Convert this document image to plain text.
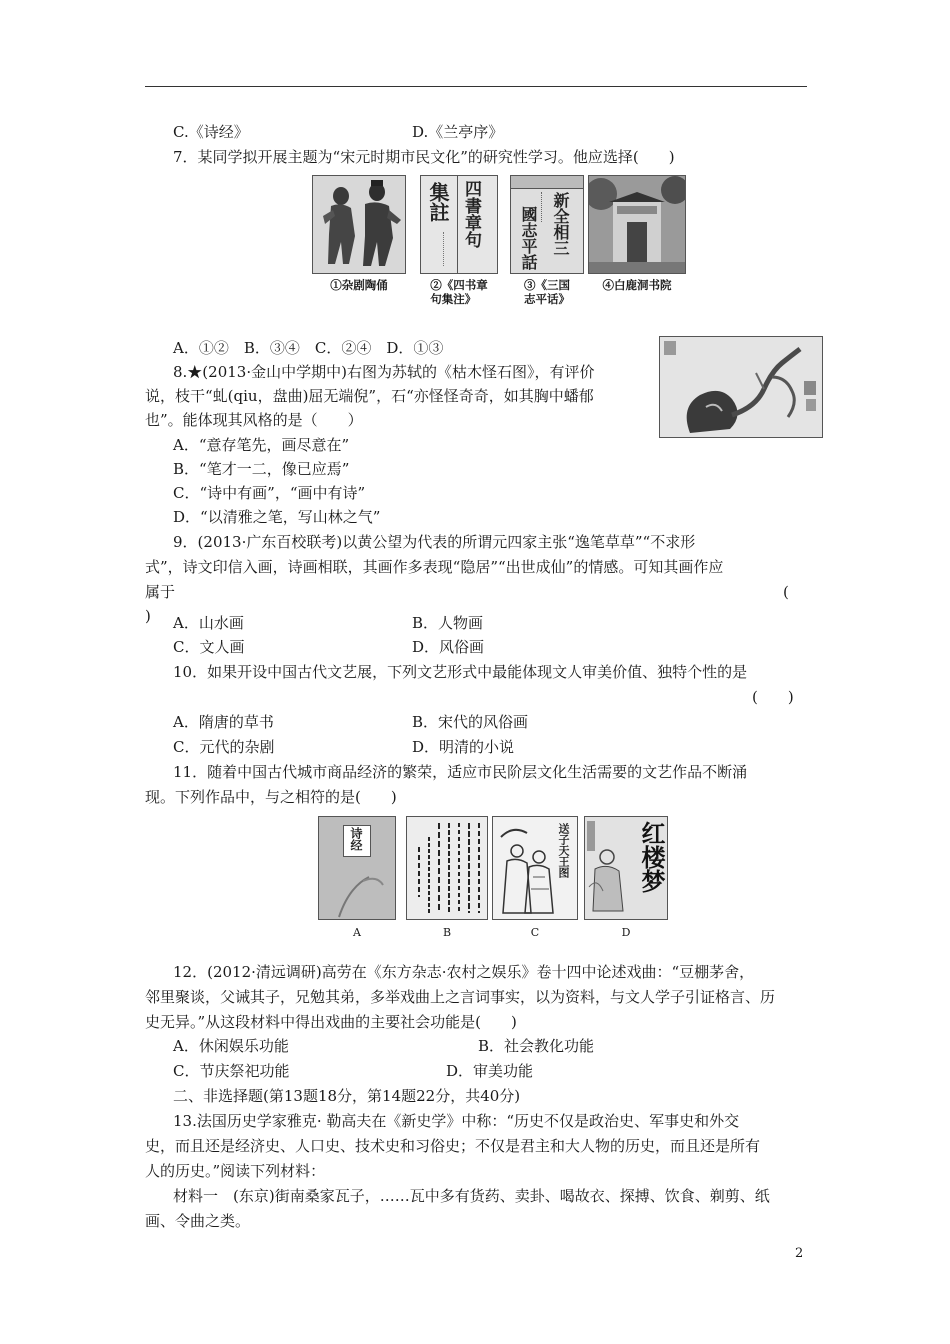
C.《诗经》	D.《兰亭序》
7．某同学拟开展主题为“宋元时期市民文化”的研究性学习。他应选择(　　)
①杂剧陶俑
四書章句
集註
②《四书章
句集注》
新全相三
國志平話
③《三国
志平话》
④白鹿洞书院
A．①②　B．③④　C．②④　D．①③
8.★(2013·金山中学期中)右图为苏轼的《枯木怪石图》，有评价
说，枝干“虬(qiu，盘曲)屈无端倪”，石“亦怪怪奇奇，如其胸中蟠郁
也”。能体现其风格的是（　　）
A．“意存笔先，画尽意在”
B．“笔才一二，像已应焉”
C．“诗中有画”，“画中有诗”
D．“以清雅之笔，写山林之气”
9．(2013·广东百校联考)以黄公望为代表的所谓元四家主张“逸笔草草”“不求形
式”，诗文印信入画，诗画相联，其画作多表现“隐居”“出世成仙”的情感。可知其画作应
属于	(
) A．山水画	B．人物画
C．文人画	D．风俗画
10．如果开设中国古代文艺展，下列文艺形式中最能体现文人审美价值、独特个性的是
(　　)
A．隋唐的草书	B．宋代的风俗画
C．元代的杂剧	D．明清的小说
11．随着中国古代城市商品经济的繁荣，适应市民阶层文化生活需要的文艺作品不断涌
现。下列作品中，与之相符的是(　　)
诗经
A	B
送子天王图
C
红楼梦
D
12．(2012·清远调研)高劳在《东方杂志·农村之娱乐》卷十四中论述戏曲：“豆棚茅舍，
邻里聚谈，父诫其子，兄勉其弟，多举戏曲上之言词事实，以为资料，与文人学子引证格言、历
史无异。”从这段材料中得出戏曲的主要社会功能是(　　)
A．休闲娱乐功能	B．社会教化功能
C．节庆祭祀功能	D．审美功能
二、非选择题(第13题18分，第14题22分，共40分)
13.法国历史学家雅克· 勒高夫在《新史学》中称：“历史不仅是政治史、军事史和外交
史，而且还是经济史、人口史、技术史和习俗史；不仅是君主和大人物的历史，而且还是所有
人的历史。”阅读下列材料：
材料一　(东京)街南桑家瓦子，……瓦中多有货药、卖卦、喝故衣、探搏、饮食、剃剪、纸
画、令曲之类。
2
